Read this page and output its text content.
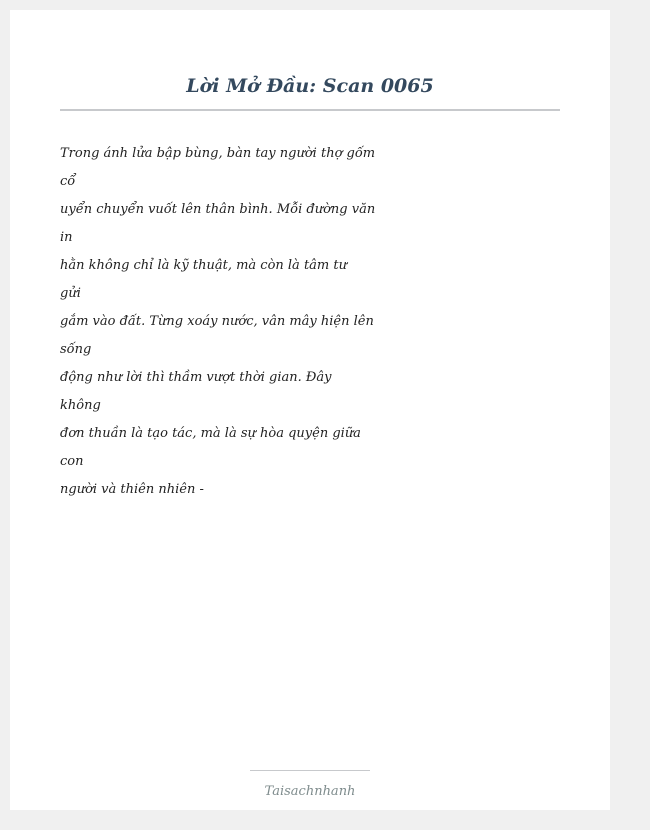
Lời Mở Đầu: Scan 0065
Trong ánh lửa bập bùng, bàn tay người thợ gốm
cổ
uyển chuyển vuốt lên thân bình. Mỗi đường văn
in
hằn không chỉ là kỹ thuật, mà còn là tâm tư
gửi
gắm vào đất. Từng xoáy nước, vân mây hiện lên
sống
động như lời thì thầm vượt thời gian. Đây
không
đơn thuần là tạo tác, mà là sự hòa quyện giữa
con
người và thiên nhiên -
Taisachnhanh
